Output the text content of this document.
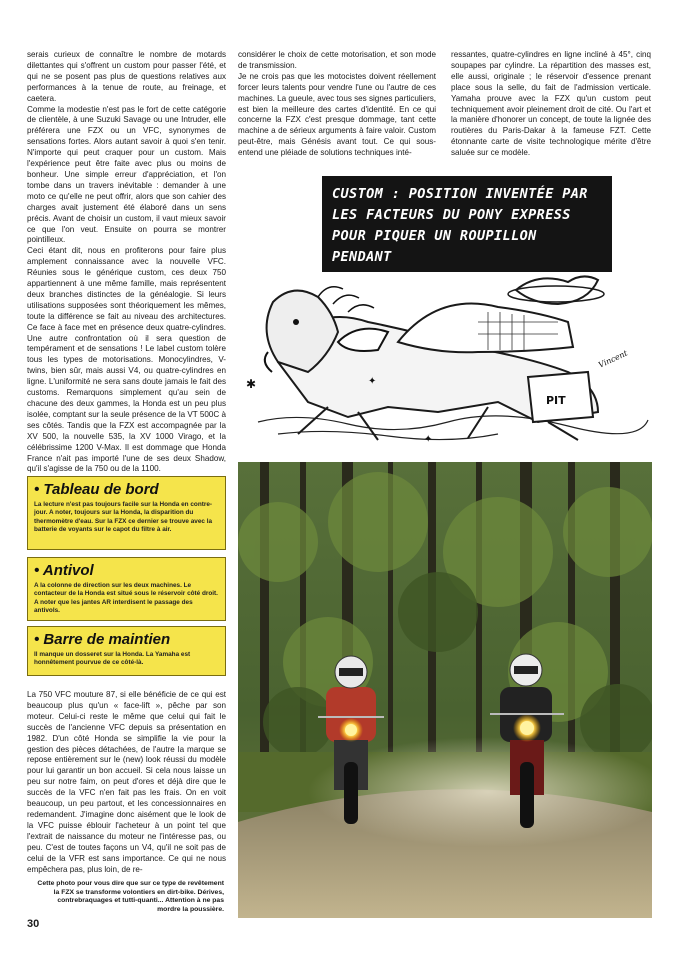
serais curieux de connaître le nombre de motards dilettantes qui s'offrent un custom pour passer l'été, et qui ne se posent pas plus de questions relatives aux performances à la tenue de route, au freinage, et caetera.

Comme la modestie n'est pas le fort de cette catégorie de clientèle, à une Suzuki Savage ou une Intruder, elle préférera une FZX ou un VFC, synonymes de sensations fortes. Alors autant savoir à quoi s'en tenir. N'importe qui peut craquer pour un custom. Mais l'expérience peut être faite avec plus ou moins de bonheur. Une simple erreur d'appréciation, et l'on tombe dans un travers inévitable : demander à une moto ce qu'elle ne peut offrir, alors que son cahier des charges avait justement été élaboré dans un sens précis. Avant de choisir un custom, il vaut mieux savoir ce que l'on veut. Ensuite on pourra se montrer pointilleux.

Ceci étant dit, nous en profiterons pour faire plus amplement connaissance avec la nouvelle VFC. Réunies sous le générique custom, ces deux 750 appartiennent à une même famille, mais représentent deux branches distinctes de la généalogie. Si leurs utilisations supposées sont théoriquement les mêmes, toute la différence se fait au niveau des architectures. Ce face à face met en présence deux quatre-cylindres. Une autre confrontation où il sera question de tempérament et de sensations ! Le label custom tolère tous les types de motorisations. Monocylindres, V-twins, bien sûr, mais aussi V4, ou quatre-cylindres en ligne. L'uniformité ne sera sans doute jamais le fait des customs. Remarquons simplement qu'au sein de chacune des deux gammes, la Honda est un peu plus isolée, comptant sur la seule présence de la VT 500C à ses côtés. Tandis que la FZX est accompagnée par la XV 500, la nouvelle 535, la XV 1000 Virago, et la célébrissime 1200 V-Max. Il est dommage que Honda France n'ait pas importé l'une de ses deux Shadow, qu'il s'agisse de la 750 ou de la 1100.

considérer le choix de cette motorisation, et son mode de transmission.

Je ne crois pas que les motocistes doivent réellement forcer leurs talents pour vendre l'une ou l'autre de ces machines. La gueule, avec tous ses signes particuliers, est bien la meilleure des cartes d'identité. En ce qui concerne la FZX c'est presque dommage, tant cette machine a de sérieux arguments à faire valoir. Custom peut-être, mais Génésis avant tout. Ce qui sous-entend une pléiade de solutions techniques inté-

ressantes, quatre-cylindres en ligne incliné à 45°, cinq soupapes par cylindre. La répartition des masses est, elle aussi, originale ; le réservoir d'essence prenant place sous la selle, du fait de l'admission verticale. Yamaha prouve avec la FZX qu'un custom peut techniquement avoir pleinement droit de cité. Ou l'art et la manière d'honorer un concept, de toute la lignée des routières du Paris-Dakar à la fameuse FZT. Cette étonnante carte de visite technologique mérite d'être saluée sur ce modèle.

✱	✦
✦
PIT
Vincent
CUSTOM : POSITION INVENTÉE PAR
LES FACTEURS DU PONY EXPRESS
POUR PIQUER UN ROUPILLON PENDANT
200 OU 300 BORNES...
• Tableau de bord

La lecture n'est pas toujours facile sur la Honda en contre-jour. A noter, toujours sur la Honda, la disparition du thermomètre d'eau. Sur la FZX ce dernier se trouve avec la batterie de voyants sur le capot du filtre à air.

• Antivol

A la colonne de direction sur les deux machines. Le contacteur de la Honda est situé sous le réservoir côté droit. A noter que les jantes AR interdisent le passage des antivols.

• Barre de maintien

Il manque un dosseret sur la Honda. La Yamaha est honnêtement pourvue de ce côté-là.

La 750 VFC mouture 87, si elle bénéficie de ce qui est beaucoup plus qu'un « face-lift », pêche par son moteur. Celui-ci reste le même que celui qui fait le succès de l'ancienne VFC depuis sa présentation en 1982. D'un côté Honda se simplifie la vie pour la gestion des pièces détachées, de l'autre la marque se repose entièrement sur le (new) look réussi du modèle pour lui garantir un bon accueil. Si cela nous laisse un peu sur notre faim, on peut d'ores et déjà dire que le succès de la VFC n'en fait pas les frais. On en voit beaucoup, un peu partout, et les concessionnaires en redemandent. J'imagine donc aisément que le look de la VFC puisse éblouir l'acheteur à un point tel que l'extrait de naissance du moteur ne l'intéresse pas, ou peu. C'est de toutes façons un V4, qu'il ne soit pas de celui de la VFR est sans importance. Ce qui ne nous empêchera pas, plus loin, de re-

Cette photo pour vous dire que sur ce type de revêtement la FZX se transforme volontiers en dirt-bike. Dérives, contrebraquages et tutti-quanti... Attention à ne pas mordre la poussière.
30
